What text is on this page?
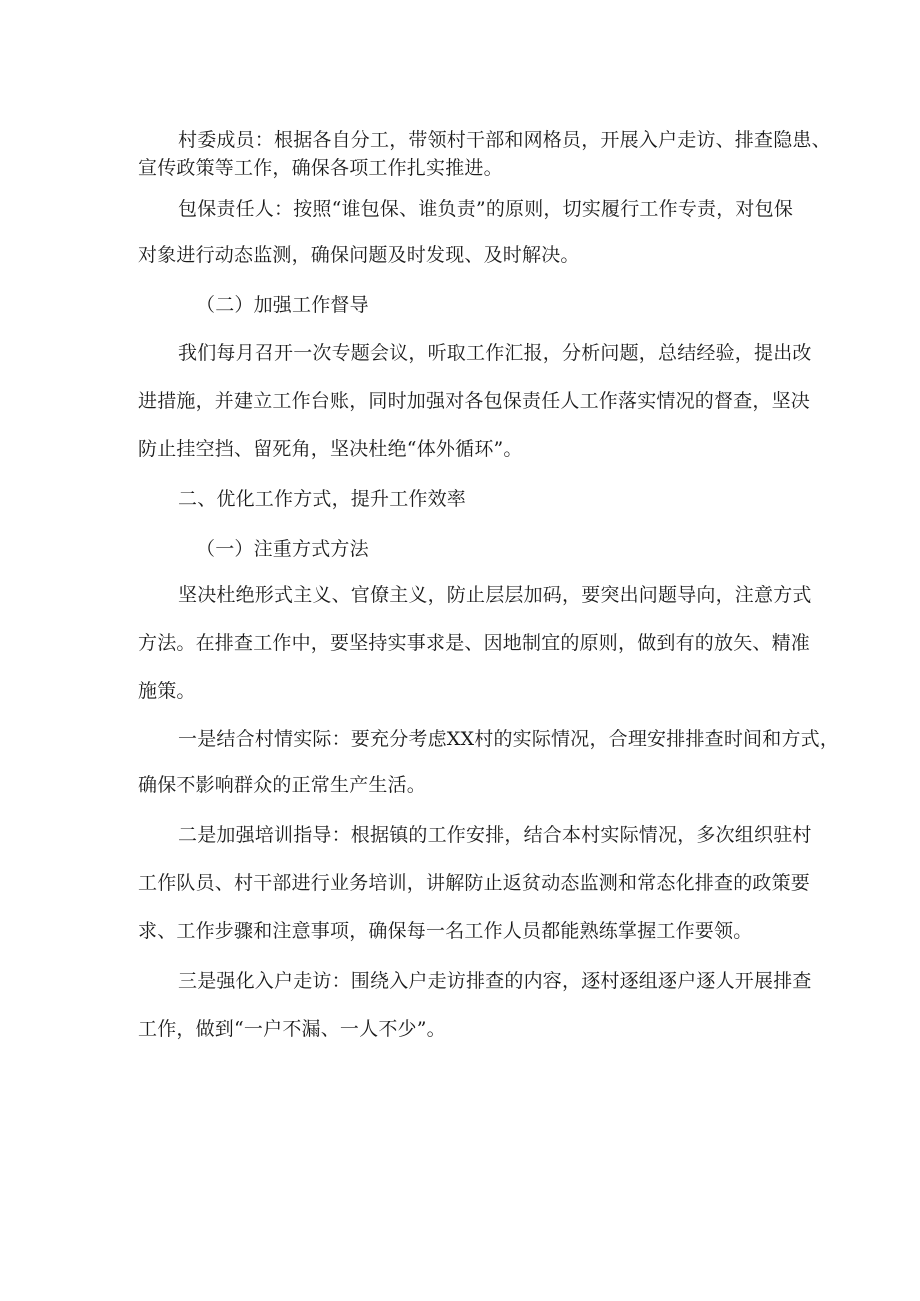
村委成员：根据各自分工，带领村干部和网格员，开展入户走访、排查隐患、

宣传政策等工作，确保各项工作扎实推进。

包保责任人：按照“谁包保、谁负责”的原则，切实履行工作专责，对包保

对象进行动态监测，确保问题及时发现、及时解决。

（二）加强工作督导

我们每月召开一次专题会议，听取工作汇报，分析问题，总结经验，提出改

进措施，并建立工作台账，同时加强对各包保责任人工作落实情况的督查，坚决

防止挂空挡、留死角，坚决杜绝“体外循环”。

二、优化工作方式，提升工作效率

（一）注重方式方法

坚决杜绝形式主义、官僚主义，防止层层加码，要突出问题导向，注意方式

方法。在排查工作中，要坚持实事求是、因地制宜的原则，做到有的放矢、精准

施策。

一是结合村情实际：要充分考虑XX村的实际情况，合理安排排查时间和方式，

确保不影响群众的正常生产生活。

二是加强培训指导：根据镇的工作安排，结合本村实际情况，多次组织驻村

工作队员、村干部进行业务培训，讲解防止返贫动态监测和常态化排查的政策要

求、工作步骤和注意事项，确保每一名工作人员都能熟练掌握工作要领。

三是强化入户走访：围绕入户走访排查的内容，逐村逐组逐户逐人开展排查

工作，做到“一户不漏、一人不少”。
